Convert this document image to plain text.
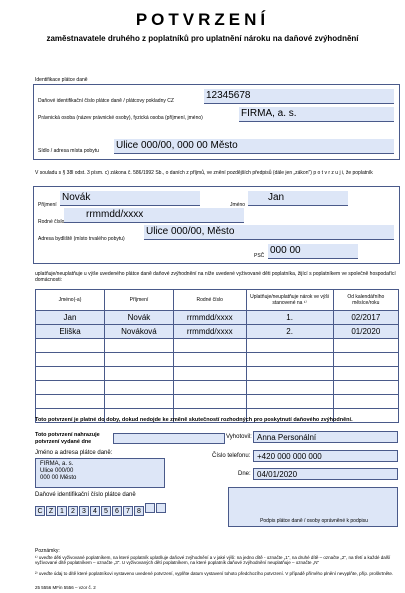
POTVRZENÍ
zaměstnavatele druhého z poplatníků pro uplatnění nároku na daňové zvýhodnění
Identifikace plátce daně
Daňové identifikační číslo plátce daně / plátcovy pokladny CZ	12345678
Právnická osoba (název právnické osoby), fyzická osoba (příjmení, jméno)	FIRMA, a. s.
Sídlo / adresa místa pobytu Ulice 000/00, 000 00 Město
V souladu s § 38l odst. 3 písm. c) zákona č. 586/1992 Sb., o daních z příjmů, ve znění pozdějších předpisů (dále jen „zákon") p o t v r z u j i, že poplatník
Příjmení
Novák
Jméno
Jan
Rodné číslo
rrmmdd/xxxx
Adresa bydliště (místo trvalého pobytu)
Ulice 000/00, Město
PSČ 000 00
uplatňuje/neuplatňuje u výše uvedeného plátce daně daňové zvýhodnění na níže uvedené vyživované děti poplatníka, žijící s poplatníkem ve společně hospodařící domácnosti:
Jméno(-a)	Příjmení	Rodné číslo	Uplatňuje/neuplatňuje nárok ve výši stanovené na ¹⁾	Od kalendářního měsíce/roku
Jan	Novák	rrmmdd/xxxx	1.	02/2017
Eliška	Nováková	rrmmdd/xxxx	2.	01/2020

Toto potvrzení je platné do doby, dokud nedojde ke změně skutečností rozhodných pro poskytnutí daňového zvýhodnění.
Toto potvrzení nahrazuje potvrzení vydané dne
Jméno a adresa plátce daně:
FIRMA, a. s.
Ulice 000/00
000 00 Město
Daňové identifikační číslo plátce daně
C Z 1 2 3 4 5 6 7 8
Vyhotovil: Anna Personální
Číslo telefonu: +420 000 000 000
Dne: 04/01/2020
Podpis plátce daně / osoby oprávněné k podpisu
Poznámky:
¹⁾ uveďte děti vyživované poplatníkem, na které poplatník uplatňuje daňové zvýhodnění a v jaké výši: na jedno dítě - označte „1", na druhé dítě – označte „2", na třetí a každé další vyživované dítě poplatníkem – označte „3". U vyživovaných dětí poplatníkem, na které poplatník daňové zvýhodnění neuplatňuje – označte „N"
²⁾ uveďte údaj to dítě které poplatníkovi vystaveno uvedené potvrzení, vyplňte datum vystavení tohoto předchozího potvrzení. V případě přímého plnění nevyplňte, příp. proškrtněte.
25 5556 MFin 5556 – vzor č. 2
